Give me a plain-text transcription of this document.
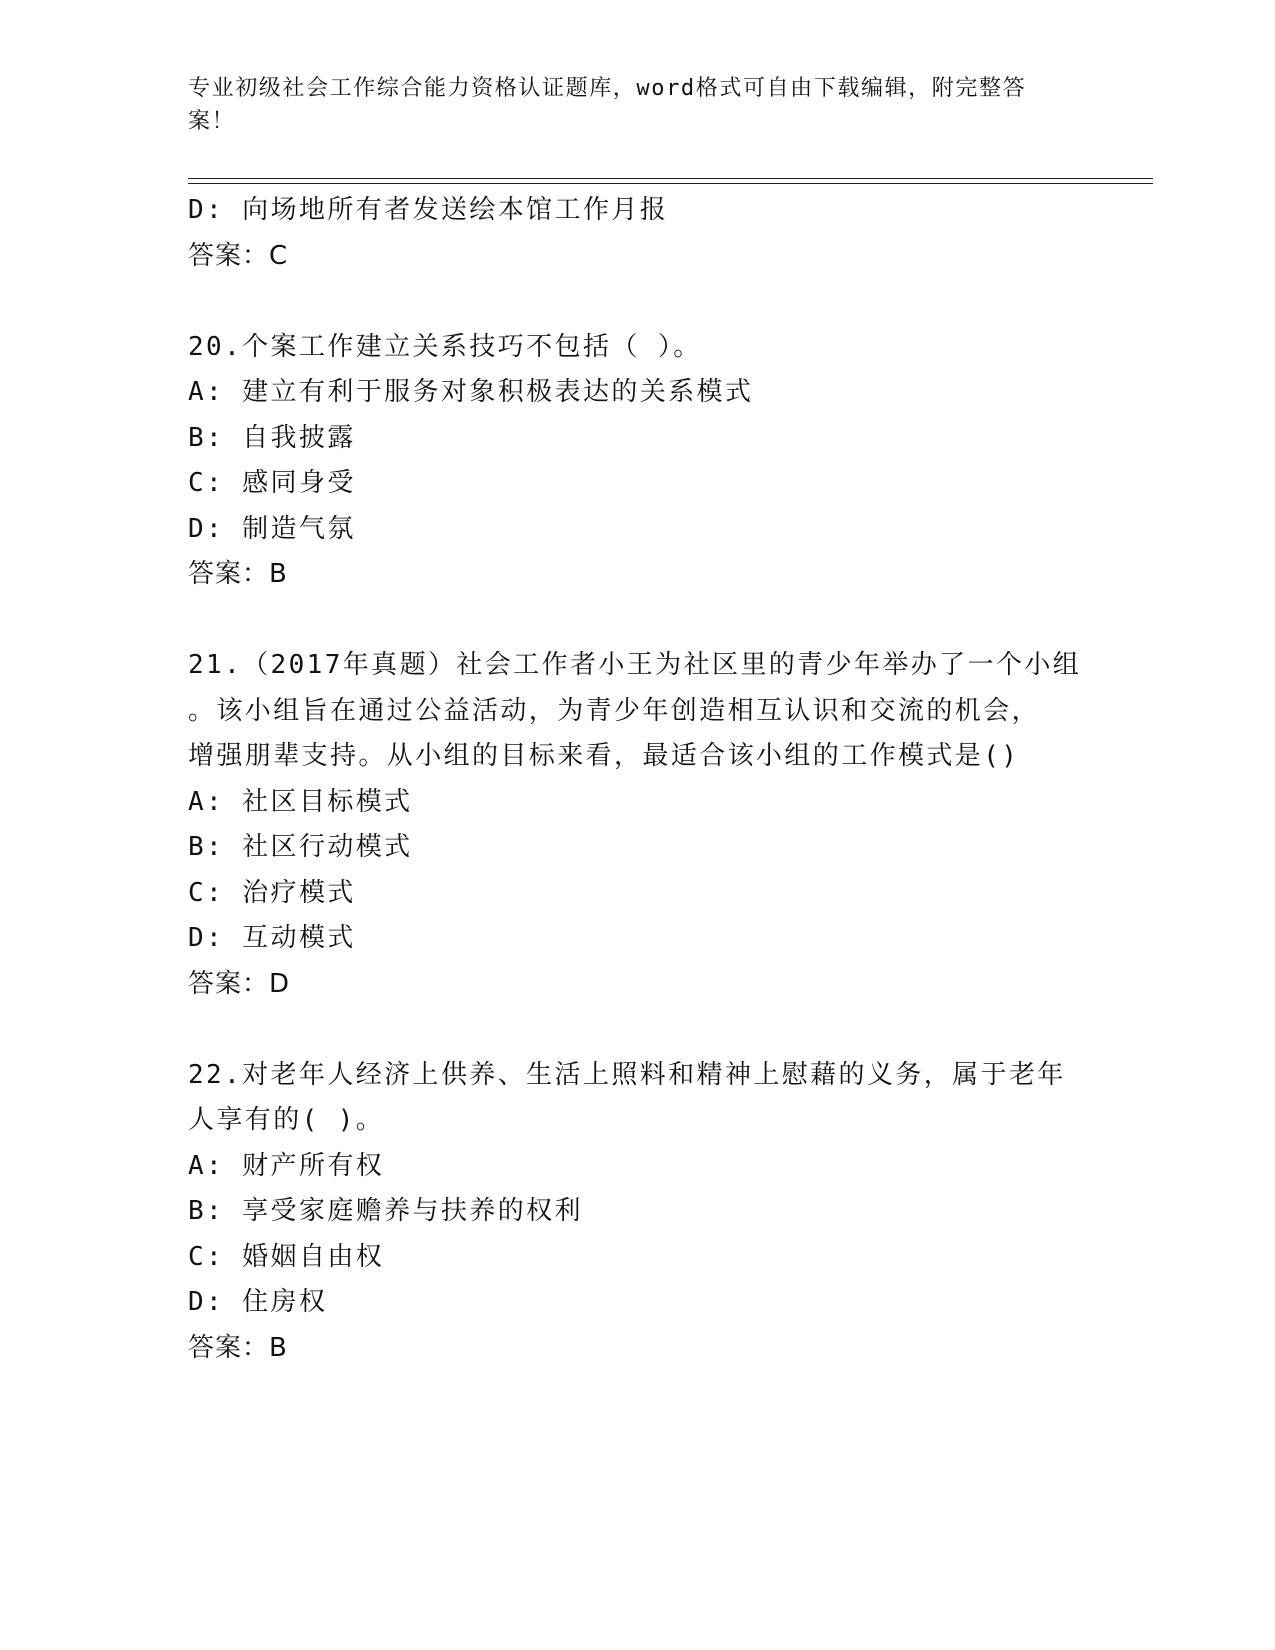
专业初级社会工作综合能力资格认证题库，word格式可自由下载编辑，附完整答
案！
D: 向场地所有者发送绘本馆工作月报
答案：C
20.个案工作建立关系技巧不包括（ ）。
A: 建立有利于服务对象积极表达的关系模式
B: 自我披露
C: 感同身受
D: 制造气氛
答案：B
21.（2017年真题）社会工作者小王为社区里的青少年举办了一个小组
。该小组旨在通过公益活动，为青少年创造相互认识和交流的机会，
增强朋辈支持。从小组的目标来看，最适合该小组的工作模式是()
A: 社区目标模式
B: 社区行动模式
C: 治疗模式
D: 互动模式
答案：D
22.对老年人经济上供养、生活上照料和精神上慰藉的义务，属于老年
人享有的( )。
A: 财产所有权
B: 享受家庭赡养与扶养的权利
C: 婚姻自由权
D: 住房权
答案：B
